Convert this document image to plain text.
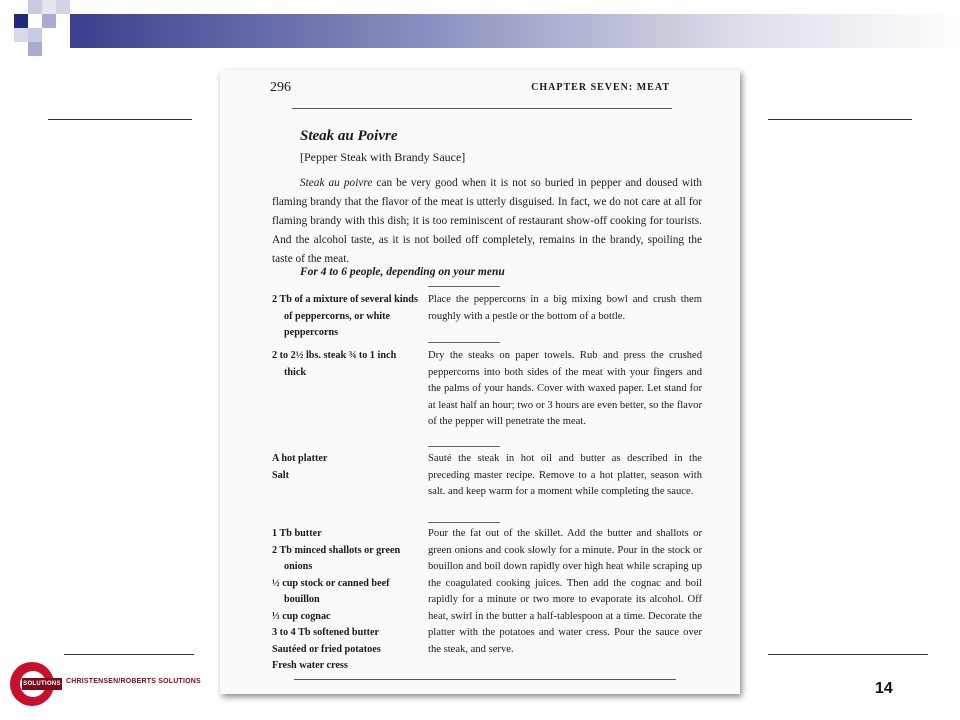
296	CHAPTER SEVEN: MEAT
Steak au Poivre
[Pepper Steak with Brandy Sauce]
Steak au poivre can be very good when it is not so buried in pepper and doused with flaming brandy that the flavor of the meat is utterly disguised. In fact, we do not care at all for flaming brandy with this dish; it is too reminiscent of restaurant show-off cooking for tourists. And the alcohol taste, as it is not boiled off completely, remains in the brandy, spoiling the taste of the meat.
For 4 to 6 people, depending on your menu
2 Tb of a mixture of several kinds of peppercorns, or white peppercorns
Place the peppercorns in a big mixing bowl and crush them roughly with a pestle or the bottom of a bottle.
2 to 2½ lbs. steak ¾ to 1 inch thick
Dry the steaks on paper towels. Rub and press the crushed peppercorns into both sides of the meat with your fingers and the palms of your hands. Cover with waxed paper. Let stand for at least half an hour; two or 3 hours are even better, so the flavor of the pepper will penetrate the meat.
A hot platter
Salt
Sauté the steak in hot oil and butter as described in the preceding master recipe. Remove to a hot platter, season with salt. and keep warm for a moment while completing the sauce.
1 Tb butter
2 Tb minced shallots or green onions
½ cup stock or canned beef bouillon
⅓ cup cognac
3 to 4 Tb softened butter
Sautéed or fried potatoes
Fresh water cress
Pour the fat out of the skillet. Add the butter and shallots or green onions and cook slowly for a minute. Pour in the stock or bouillon and boil down rapidly over high heat while scraping up the coagulated cooking juices. Then add the cognac and boil rapidly for a minute or two more to evaporate its alcohol. Off heat, swirl in the butter a half-tablespoon at a time. Decorate the platter with the potatoes and water cress. Pour the sauce over the steak, and serve.
SOLUTIONS CHRISTENSEN/ROBERTS SOLUTIONS	14
